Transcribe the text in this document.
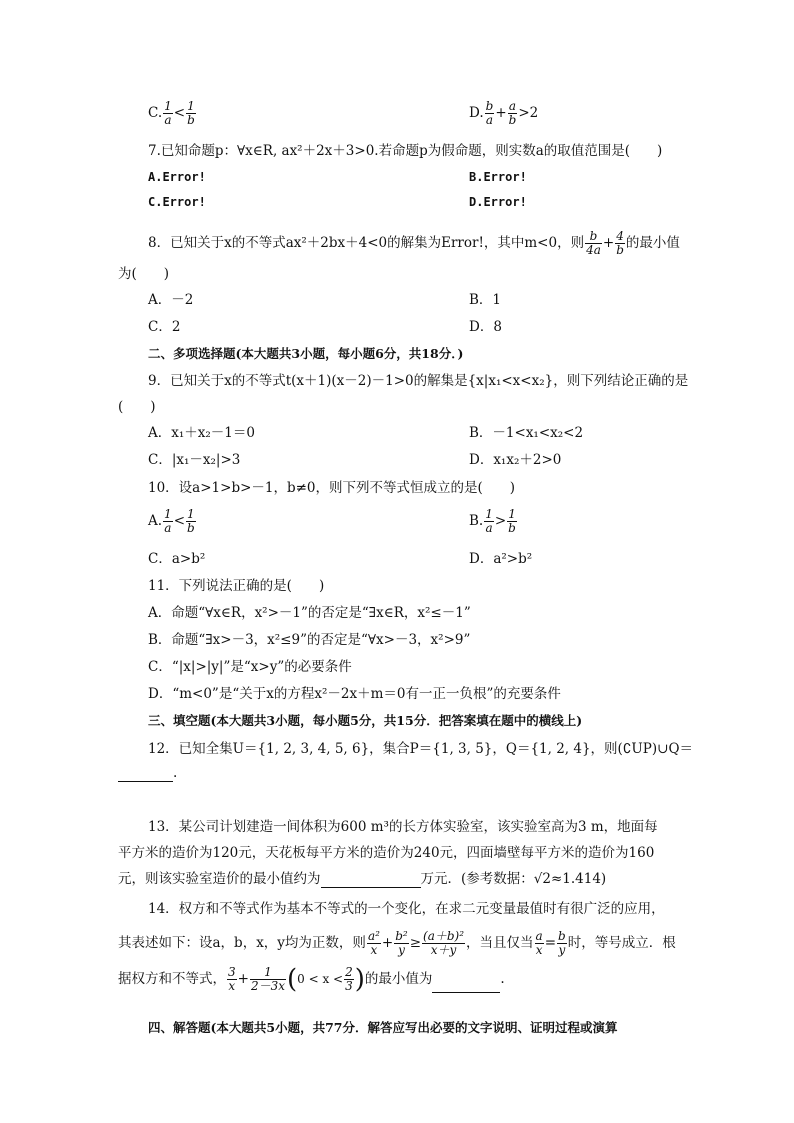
C. $\frac{1}{a} < \frac{1}{b}$	D. $\frac{b}{a} + \frac{a}{b} >2$
7.已知命题p：∀x∈R, ax²＋2x＋3>0.若命题p为假命题，则实数a的取值范围是(　　)
A.Error!	B.Error!
C.Error!	D.Error!
8．已知关于x的不等式ax²＋2bx＋4<0的解集为Error!，其中m<0，则 $\frac{b}{4a} + \frac{4}{b}$ 的最小值
为(　　)
A．－2	B．1
C．2	D．8
二、多项选择题(本大题共3小题，每小题6分，共18分．)
9．已知关于x的不等式t(x＋1)(x－2)－1>0的解集是{x|x₁<x<x₂}，则下列结论正确的是
(　　)
A．x₁＋x₂－1＝0	B．－1<x₁<x₂<2
C．|x₁－x₂|>3	D．x₁x₂＋2>0
10．设a>1>b>－1，b≠0，则下列不等式恒成立的是(　　)
A. $\frac{1}{a} < \frac{1}{b}$	B. $\frac{1}{a} > \frac{1}{b}$
C．a>b²	D．a²>b²
11．下列说法正确的是(　　)
A．命题“∀x∈R，x²>－1”的否定是“∃x∈R，x²≤－1”
B．命题“∃x>－3，x²≤9”的否定是“∀x>－3，x²>9”
C．“|x|>|y|”是“x>y”的必要条件
D．“m<0”是“关于x的方程x²－2x＋m＝0有一正一负根”的充要条件
三、填空题(本大题共3小题，每小题5分，共15分．把答案填在题中的横线上)
12．已知全集U＝{1, 2, 3, 4, 5, 6}，集合P＝{1, 3, 5}，Q＝{1, 2, 4}，则(∁UP)∪Q＝
.
13．某公司计划建造一间体积为600 m³的长方体实验室，该实验室高为3 m，地面每
平方米的造价为120元，天花板每平方米的造价为240元，四面墙壁每平方米的造价为160
元，则该实验室造价的最小值约为	万元．(参考数据：√2≈1.414)
14．权方和不等式作为基本不等式的一个变化，在求二元变量最值时有很广泛的应用，
其表述如下：设a，b，x，y均为正数，则 $\frac{\text{a²}}{x} + \frac{\text{b²}}{y} \ge \frac{\text{(a＋b)²}}{x+y}$ ，当且仅当 $\frac{a}{x} = \frac{b}{y}$ 时，等号成立．根
据权方和不等式， $\frac{3}{x} + \frac{1}{2-3x} (0 < x < \frac{2}{3}$ )的最小值为	.
四、解答题(本大题共5小题，共77分．解答应写出必要的文字说明、证明过程或演算
